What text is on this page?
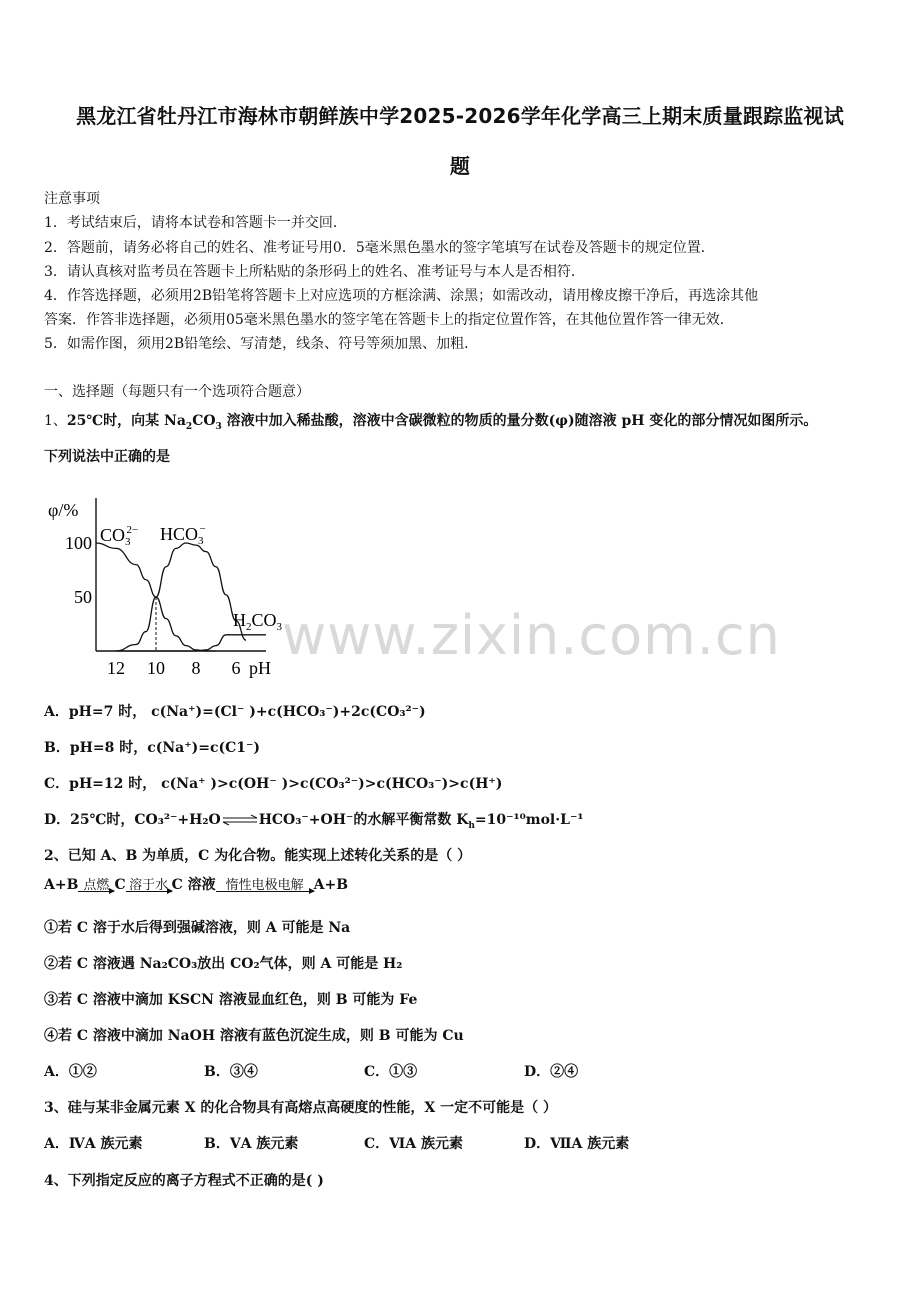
黑龙江省牡丹江市海林市朝鲜族中学2025-2026学年化学高三上期末质量跟踪监视试
题
注意事项
1．考试结束后，请将本试卷和答题卡一并交回．
2．答题前，请务必将自己的姓名、准考证号用0．5毫米黑色墨水的签字笔填写在试卷及答题卡的规定位置．
3．请认真核对监考员在答题卡上所粘贴的条形码上的姓名、准考证号与本人是否相符．
4．作答选择题，必须用2B铅笔将答题卡上对应选项的方框涂满、涂黑；如需改动，请用橡皮擦干净后，再选涂其他
答案．作答非选择题，必须用05毫米黑色墨水的签字笔在答题卡上的指定位置作答，在其他位置作答一律无效．
5．如需作图，须用2B铅笔绘、写清楚，线条、符号等须加黑、加粗．
一、选择题（每题只有一个选项符合题意）
1、25℃时，向某 $Na_2CO_3$ 溶液中加入稀盐酸，溶液中含碳微粒的物质的量分数(φ)随溶液 pH 变化的部分情况如图所示。
下列说法中正确的是
φ/%
100
50
12 10 8 6 pH
$CO_32- HCO_3-$
$H_2CO_3$ www.zixin.com.cn
A．pH=7 时， c(Na⁺)=(Cl⁻ )+c(HCO₃⁻)+2c(CO₃²⁻)
B．pH=8 时，c(Na⁺)=c(C1⁻)
C．pH=12 时， c(Na⁺ )>c(OH⁻ )>c(CO₃²⁻)>c(HCO₃⁻)>c(H⁺)
D．25℃时，CO₃²⁻+H₂O⇌HCO₃⁻+OH⁻的水解平衡常数 $K_h=10^{-10}mol\cdot L^{-1}$
2、已知 A、B 为单质，C 为化合物。能实现上述转化关系的是（ ）
A+B 点燃 C 溶于水 C 溶液 惰性电极电解 A+B
①若 C 溶于水后得到强碱溶液，则 A 可能是 Na
②若 C 溶液遇 Na₂CO₃放出 CO₂气体，则 A 可能是 H₂
③若 C 溶液中滴加 KSCN 溶液显血红色，则 B 可能为 Fe
④若 C 溶液中滴加 NaOH 溶液有蓝色沉淀生成，则 B 可能为 Cu
A．①②	B．③④	C．①③	D．②④
3、硅与某非金属元素 X 的化合物具有高熔点高硬度的性能，X 一定不可能是（ ）
A．ⅣA 族元素	B．ⅤA 族元素	C．ⅥA 族元素	D．ⅦA 族元素
4、下列指定反应的离子方程式不正确的是( )
